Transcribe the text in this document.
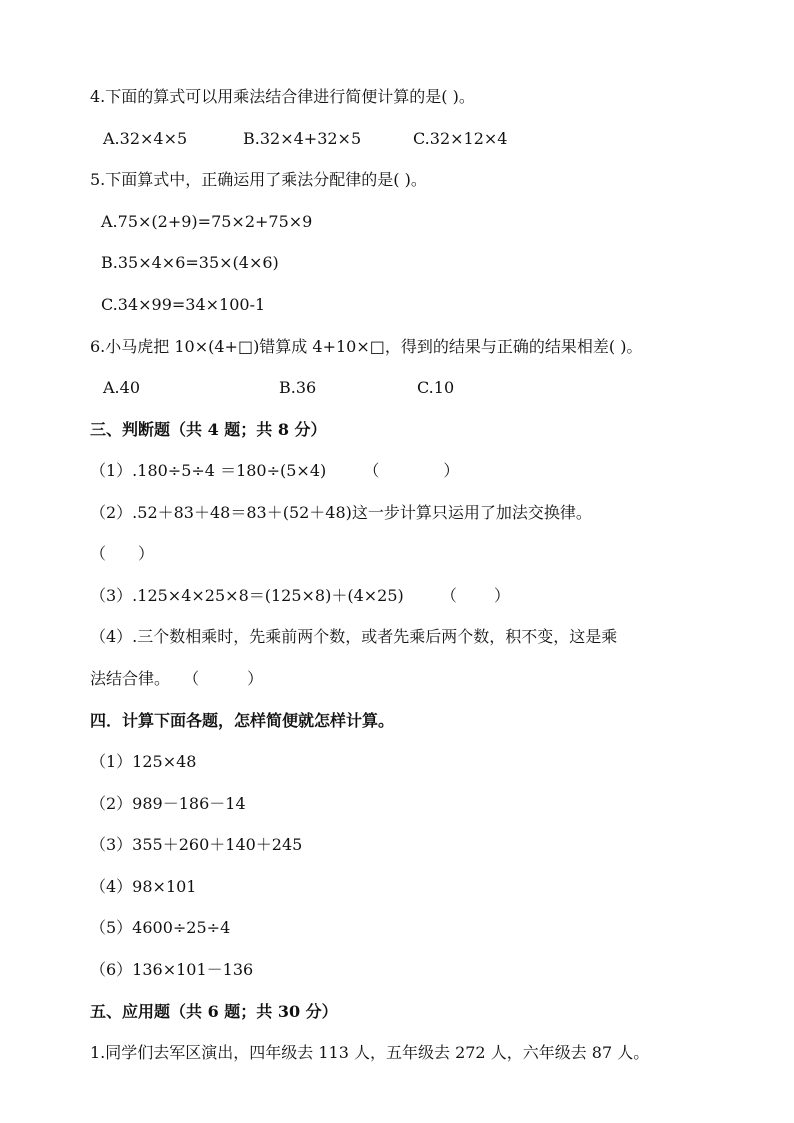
4.下面的算式可以用乘法结合律进行简便计算的是( )。
A.32×4×5	B.32×4+32×5	C.32×12×4
5.下面算式中，正确运用了乘法分配律的是( )。
A.75×(2+9)=75×2+75×9
B.35×4×6=35×(4×6)
C.34×99=34×100-1
6.小马虎把 10×(4+□)错算成 4+10×□，得到的结果与正确的结果相差( )。
A.40	B.36	C.10
三、判断题（共 4 题；共 8 分）
（1）.180÷5÷4 ＝180÷(5×4)　　 （　　　　）
（2）.52＋83＋48＝83＋(52＋48)这一步计算只运用了加法交换律。
（　　）
（3）.125×4×25×8＝(125×8)＋(4×25)　　 （　　 ）
（4）.三个数相乘时，先乘前两个数，或者先乘后两个数，积不变，这是乘
法结合律。　 （　　　）
四．计算下面各题，怎样简便就怎样计算。
（1）125×48
（2）989－186－14
（3）355＋260＋140＋245
（4）98×101
（5）4600÷25÷4
（6）136×101－136
五、应用题（共 6 题；共 30 分）
1.同学们去军区演出，四年级去 113 人，五年级去 272 人，六年级去 87 人。
